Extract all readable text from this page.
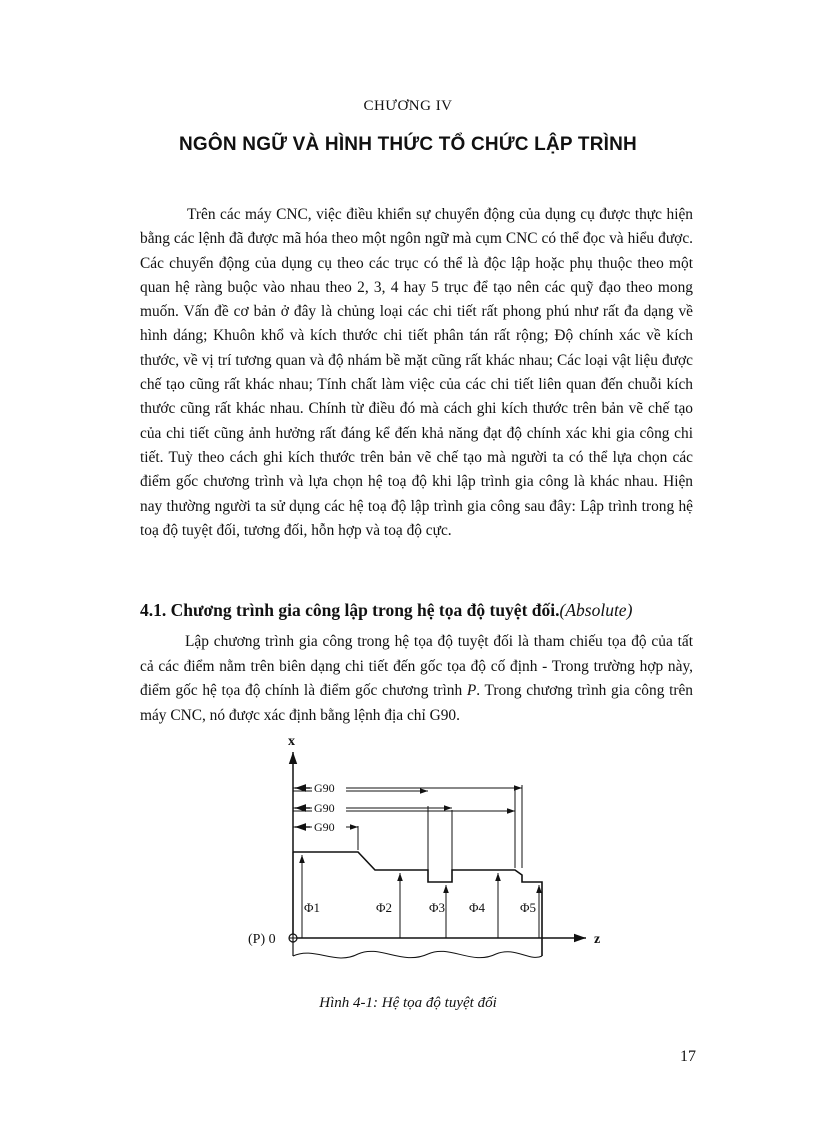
CHƯƠNG IV
NGÔN NGỮ VÀ HÌNH THỨC TỔ CHỨC LẬP TRÌNH

Trên các máy CNC, việc điều khiển sự chuyển động của dụng cụ được thực hiện bằng các lệnh đã được mã hóa theo một ngôn ngữ mà cụm CNC có thể đọc và hiểu được. Các chuyển động của dụng cụ theo các trục có thể là độc lập hoặc phụ thuộc theo một quan hệ ràng buộc vào nhau theo 2, 3, 4 hay 5 trục để tạo nên các quỹ đạo theo mong muốn. Vấn đề cơ bản ở đây là chủng loại các chi tiết rất phong phú như rất đa dạng về hình dáng; Khuôn khổ và kích thước chi tiết phân tán rất rộng; Độ chính xác về kích thước, về vị trí tương quan và độ nhám bề mặt cũng rất khác nhau; Các loại vật liệu được chế tạo cũng rất khác nhau; Tính chất làm việc của các chi tiết liên quan đến chuỗi kích thước cũng rất khác nhau. Chính từ điều đó mà cách ghi kích thước trên bản vẽ chế tạo của chi tiết cũng ảnh hưởng rất đáng kể đến khả năng đạt độ chính xác khi gia công chi tiết. Tuỳ theo cách ghi kích thước trên bản vẽ chế tạo mà người ta có thể lựa chọn các điểm gốc chương trình và lựa chọn hệ toạ độ khi lập trình gia công là khác nhau. Hiện nay thường người ta sử dụng các hệ toạ độ lập trình gia công sau đây: Lập trình trong hệ toạ độ tuyệt đối, tương đối, hỗn hợp và toạ độ cực.

4.1. Chương trình gia công lập trong hệ tọa độ tuyệt đối.(Absolute)

Lập chương trình gia công trong hệ tọa độ tuyệt đối là tham chiếu tọa độ của tất cả các điểm nằm trên biên dạng chi tiết đến gốc tọa độ cố định - Trong trường hợp này, điểm gốc hệ tọa độ chính là điểm gốc chương trình P. Trong chương trình gia công trên máy CNC, nó được xác định bằng lệnh địa chỉ G90.

x
z
(P) 0
Φ1	Φ2	Φ3 Φ4	Φ5
G90
G90
G90
Hình 4-1: Hệ tọa độ tuyệt đối
17
